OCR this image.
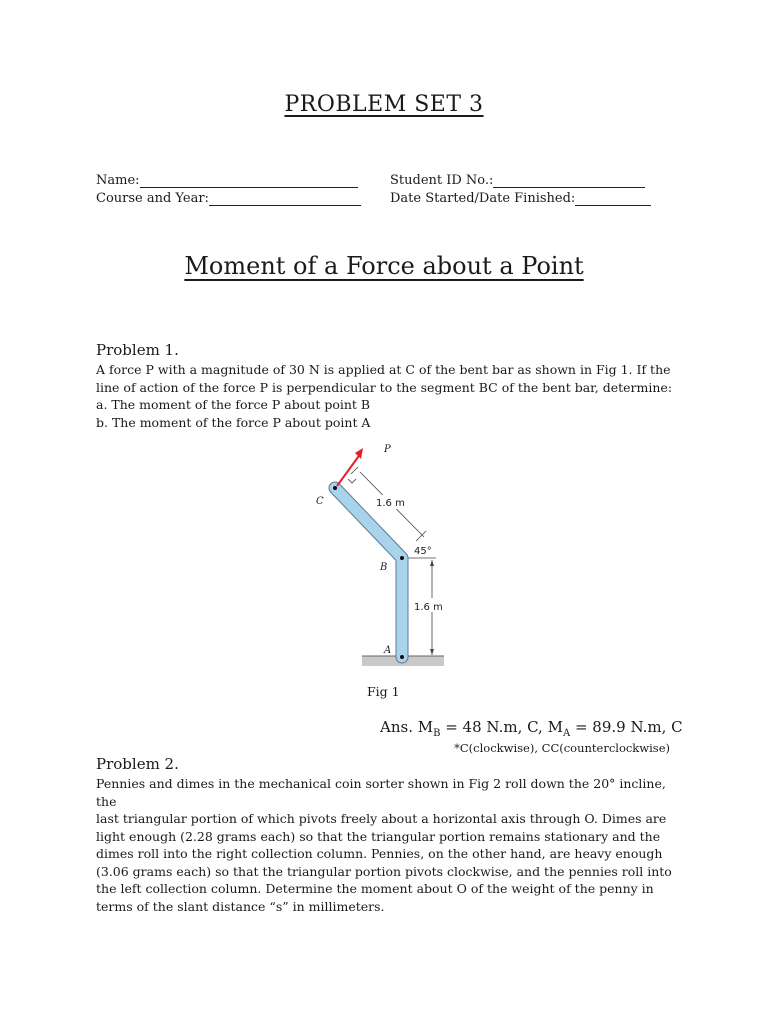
PROBLEM SET 3
Name:
Course and Year:
Student ID No.:
Date Started/Date Finished:
Moment of a Force about a Point
Problem 1.

A force P with a magnitude of 30 N is applied at C of the bent bar as shown in Fig 1. If the

line of action of the force P is perpendicular to the segment BC of the bent bar, determine:

a. The moment of the force P about point B

b. The moment of the force P about point A

P
C	1.6 m
45°
B
1.6 m
A
Fig 1
Ans. $M_B = 48$ N.m, C, $M_A = 89.9$ N.m, C
*C(clockwise), CC(counterclockwise)
Problem 2.

Pennies and dimes in the mechanical coin sorter shown in Fig 2 roll down the 20° incline, the

last triangular portion of which pivots freely about a horizontal axis through O. Dimes are

light enough (2.28 grams each) so that the triangular portion remains stationary and the

dimes roll into the right collection column. Pennies, on the other hand, are heavy enough

(3.06 grams each) so that the triangular portion pivots clockwise, and the pennies roll into

the left collection column. Determine the moment about O of the weight of the penny in

terms of the slant distance “s” in millimeters.
